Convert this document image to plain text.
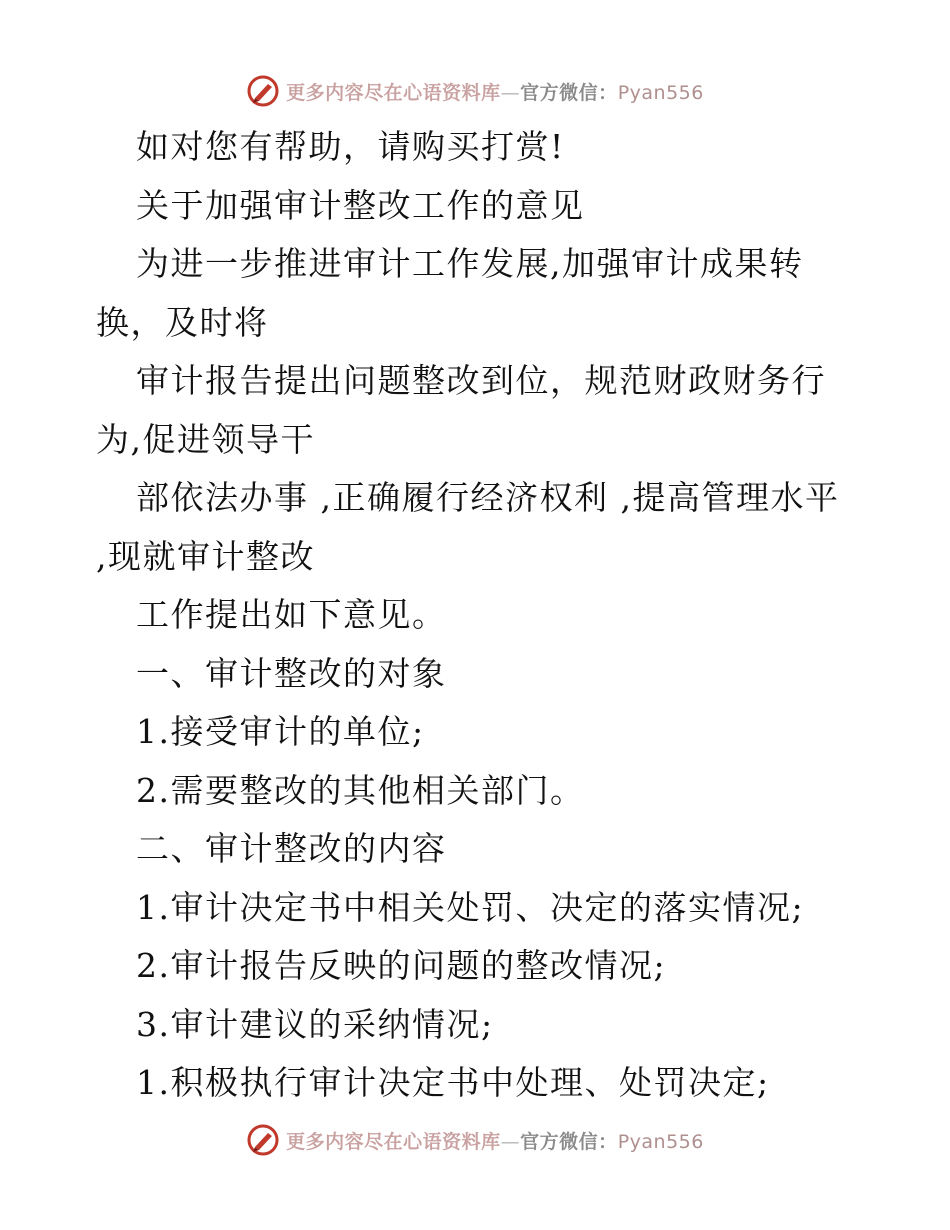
更多内容尽在心语资料库—官方微信：Pyan556
如对您有帮助，请购买打赏!
关于加强审计整改工作的意见
为进一步推进审计工作发展,加强审计成果转
换，及时将
审计报告提出问题整改到位，规范财政财务行
为,促进领导干
部依法办事 ,正确履行经济权利 ,提高管理水平
,现就审计整改
工作提出如下意见。
一、审计整改的对象
1.接受审计的单位;
2.需要整改的其他相关部门。
二、审计整改的内容
1.审计决定书中相关处罚、决定的落实情况;
2.审计报告反映的问题的整改情况;
3.审计建议的采纳情况;
1.积极执行审计决定书中处理、处罚决定;
更多内容尽在心语资料库—官方微信：Pyan556
